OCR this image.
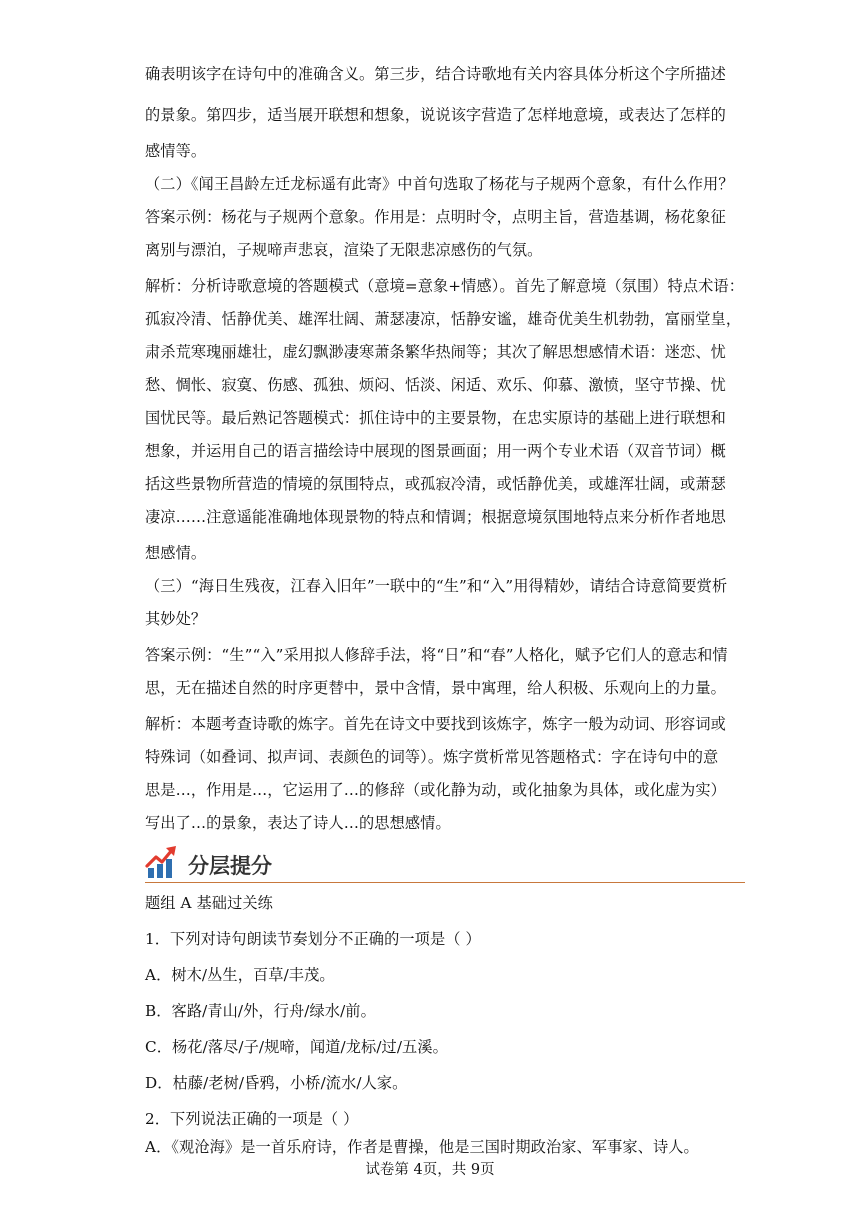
确表明该字在诗句中的准确含义。第三步，结合诗歌地有关内容具体分析这个字所描述
的景象。第四步，适当展开联想和想象，说说该字营造了怎样地意境，或表达了怎样的
感情等。
（二）《闻王昌龄左迁龙标遥有此寄》中首句选取了杨花与子规两个意象，有什么作用？
答案示例：杨花与子规两个意象。作用是：点明时令，点明主旨，营造基调，杨花象征
离别与漂泊，子规啼声悲哀，渲染了无限悲凉感伤的气氛。
解析：分析诗歌意境的答题模式（意境=意象+情感）。首先了解意境（氛围）特点术语：
孤寂冷清、恬静优美、雄浑壮阔、萧瑟凄凉，恬静安谧，雄奇优美生机勃勃，富丽堂皇，
肃杀荒寒瑰丽雄壮，虚幻飘渺凄寒萧条繁华热闹等；其次了解思想感情术语：迷恋、忧
愁、惆怅、寂寞、伤感、孤独、烦闷、恬淡、闲适、欢乐、仰慕、激愤，坚守节操、忧
国忧民等。最后熟记答题模式：抓住诗中的主要景物，在忠实原诗的基础上进行联想和
想象，并运用自己的语言描绘诗中展现的图景画面；用一两个专业术语（双音节词）概
括这些景物所营造的情境的氛围特点，或孤寂冷清，或恬静优美，或雄浑壮阔，或萧瑟
凄凉……注意遥能准确地体现景物的特点和情调；根据意境氛围地特点来分析作者地思
想感情。
（三）“海日生残夜，江春入旧年”一联中的“生”和“入”用得精妙，请结合诗意简要赏析
其妙处？
答案示例：“生”“入”采用拟人修辞手法，将“日”和“春”人格化，赋予它们人的意志和情
思，无在描述自然的时序更替中，景中含情，景中寓理，给人积极、乐观向上的力量。
解析：本题考查诗歌的炼字。首先在诗文中要找到该炼字，炼字一般为动词、形容词或
特殊词（如叠词、拟声词、表颜色的词等）。炼字赏析常见答题格式：字在诗句中的意
思是…，作用是…，它运用了…的修辞（或化静为动，或化抽象为具体，或化虚为实）
写出了…的景象，表达了诗人…的思想感情。
分层提分
题组 A 基础过关练
1．下列对诗句朗读节奏划分不正确的一项是（ ）
A．树木/丛生，百草/丰茂。
B．客路/青山/外，行舟/绿水/前。
C．杨花/落尽/子/规啼，闻道/龙标/过/五溪。
D．枯藤/老树/昏鸦，小桥/流水/人家。
2．下列说法正确的一项是（ ）
A．《观沧海》是一首乐府诗，作者是曹操，他是三国时期政治家、军事家、诗人。
试卷第 4页，共 9页
